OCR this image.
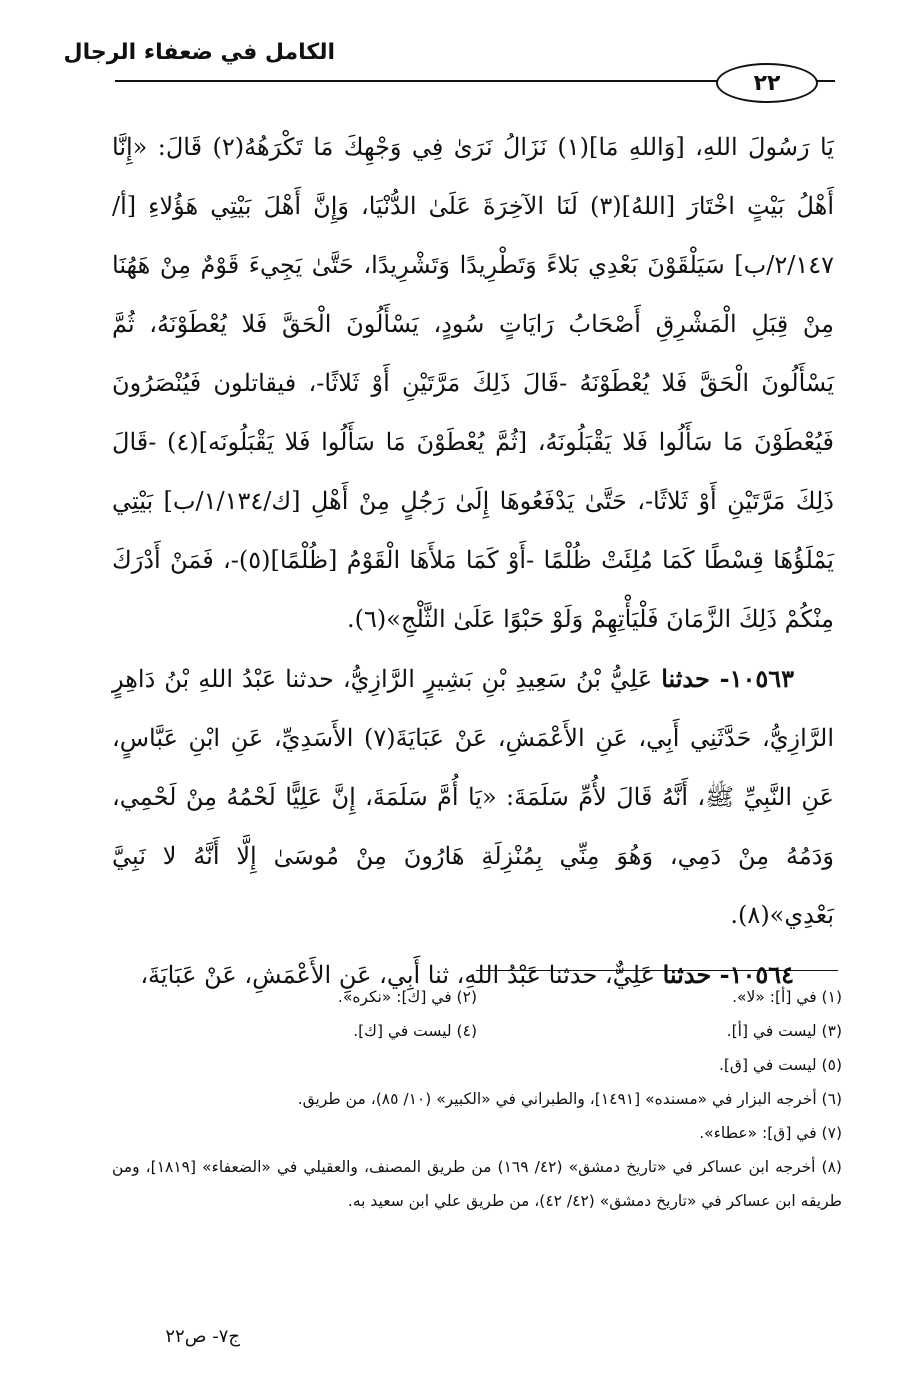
الكامل في ضعفاء الرجال
٢٢

يَا رَسُولَ اللهِ، [وَاللهِ مَا](١) نَزَالُ نَرَىٰ فِي وَجْهِكَ مَا تَكْرَهُهُ(٢) قَالَ: «إِنَّا أَهْلُ بَيْتٍ اخْتَارَ [اللهُ](٣) لَنَا الآخِرَةَ عَلَىٰ الدُّنْيَا، وَإِنَّ أَهْلَ بَيْتِي هَؤُلاءِ [أ/٢/١٤٧/ب] سَيَلْقَوْنَ بَعْدِي بَلاءً وَتَطْرِيدًا وَتَشْرِيدًا، حَتَّىٰ يَجِيءَ قَوْمٌ مِنْ هَهُنَا مِنْ قِبَلِ الْمَشْرِقِ أَصْحَابُ رَايَاتٍ سُودٍ، يَسْأَلُونَ الْحَقَّ فَلا يُعْطَوْنَهُ، ثُمَّ يَسْأَلُونَ الْحَقَّ فَلا يُعْطَوْنَهُ -قَالَ ذَلِكَ مَرَّتَيْنِ أَوْ ثَلاثًا-، فيقاتلون فَيُنْصَرُونَ فَيُعْطَوْنَ مَا سَأَلُوا فَلا يَقْبَلُونَهُ، [ثُمَّ يُعْطَوْنَ مَا سَأَلُوا فَلا يَقْبَلُونَه](٤) -قَالَ ذَلِكَ مَرَّتَيْنِ أَوْ ثَلاثًا-، حَتَّىٰ يَدْفَعُوهَا إِلَىٰ رَجُلٍ مِنْ أَهْلِ [ك/١/١٣٤/ب] بَيْتِي يَمْلَؤُهَا قِسْطًا كَمَا مُلِئَتْ ظُلْمًا -أَوْ كَمَا مَلأَهَا الْقَوْمُ [ظُلْمًا](٥)-، فَمَنْ أَدْرَكَ مِنْكُمْ ذَلِكَ الزَّمَانَ فَلْيَأْتِهِمْ وَلَوْ حَبْوًا عَلَىٰ الثَّلْجِ»(٦).

١٠٥٦٣- حدثنا عَلِيُّ بْنُ سَعِيدِ بْنِ بَشِيرٍ الرَّازِيُّ، حدثنا عَبْدُ اللهِ بْنُ دَاهِرٍ الرَّازِيُّ، حَدَّثَنِي أَبِي، عَنِ الأَعْمَشِ، عَنْ عَبَايَةَ(٧) الأَسَدِيِّ، عَنِ ابْنِ عَبَّاسٍ، عَنِ النَّبِيِّ ﷺ، أَنَّهُ قَالَ لأُمِّ سَلَمَةَ: «يَا أُمَّ سَلَمَةَ، إِنَّ عَلِيًّا لَحْمُهُ مِنْ لَحْمِي، وَدَمُهُ مِنْ دَمِي، وَهُوَ مِنِّي بِمُنْزِلَةِ هَارُونَ مِنْ مُوسَىٰ إِلَّا أَنَّهُ لا نَبِيَّ بَعْدِي»(٨).

١٠٥٦٤- حدثنا عَلِيٌّ، حدثنا عَبْدُ اللهِ، ثنا أَبِي، عَنِ الأَعْمَشِ، عَنْ عَبَايَةَ،

(١) في [أ]: «لا».
(٢) في [ك]: «نكره».
(٣) ليست في [أ].
(٤) ليست في [ك].
(٥) ليست في [ق].
(٦) أخرجه البزار في «مسنده» [١٤٩١]، والطبراني في «الكبير» (١٠/ ٨٥)، من طريق.
(٧) في [ق]: «عطاء».
(٨) أخرجه ابن عساكر في «تاريخ دمشق» (٤٢/ ١٦٩) من طريق المصنف، والعقيلي في «الضعفاء» [١٨١٩]، ومن طريقه ابن عساكر في «تاريخ دمشق» (٤٢/ ٤٢)، من طريق علي ابن سعيد به.
ج٧- ص٢٢
